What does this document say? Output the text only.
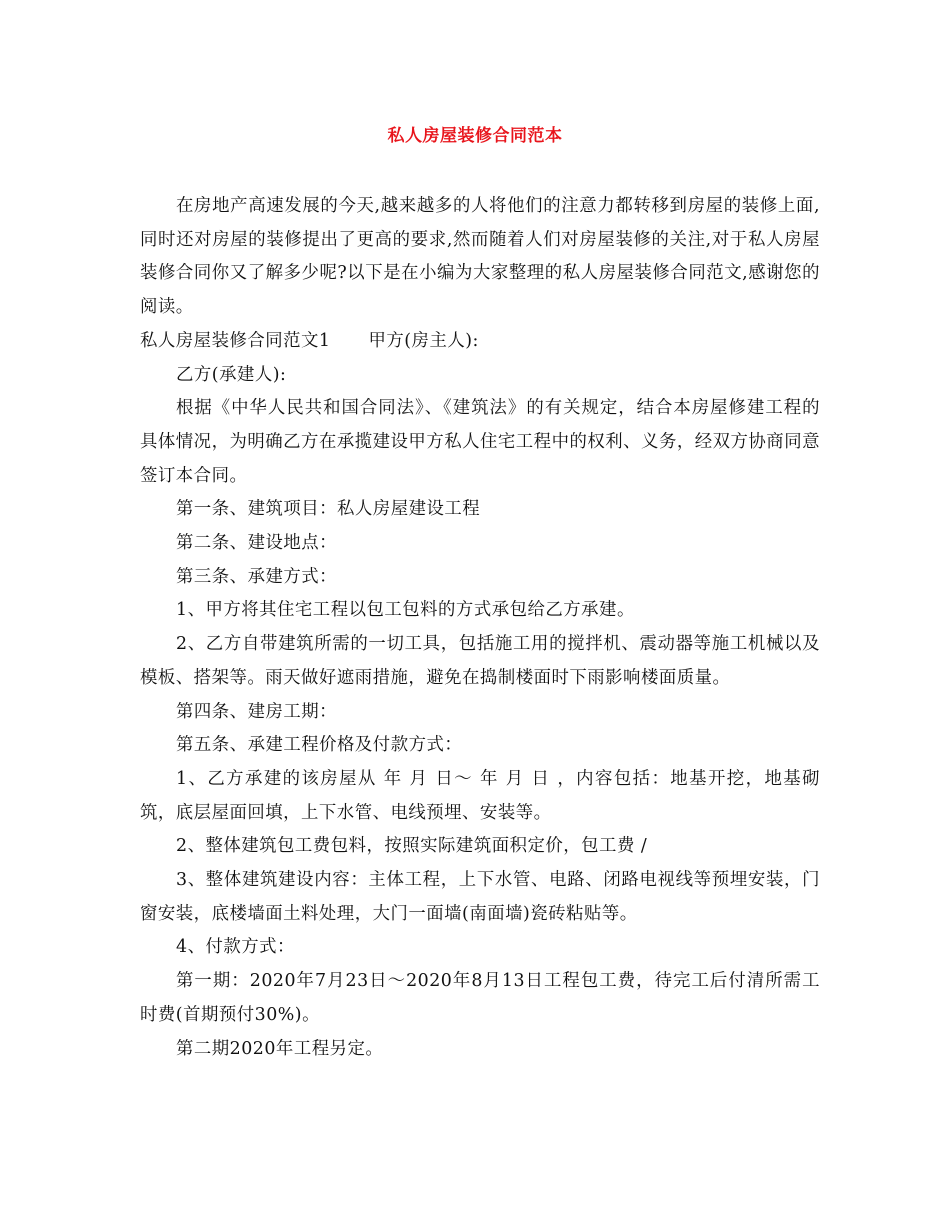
私人房屋装修合同范本

在房地产高速发展的今天,越来越多的人将他们的注意力都转移到房屋的装修上面,同时还对房屋的装修提出了更高的要求,然而随着人们对房屋装修的关注,对于私人房屋装修合同你又了解多少呢?以下是在小编为大家整理的私人房屋装修合同范文,感谢您的阅读。

私人房屋装修合同范文1 甲方(房主人):

乙方(承建人):

根据《中华人民共和国合同法》、《建筑法》的有关规定，结合本房屋修建工程的具体情况，为明确乙方在承揽建设甲方私人住宅工程中的权利、义务，经双方协商同意签订本合同。

第一条、建筑项目：私人房屋建设工程

第二条、建设地点：

第三条、承建方式：

1、甲方将其住宅工程以包工包料的方式承包给乙方承建。

2、乙方自带建筑所需的一切工具，包括施工用的搅拌机、震动器等施工机械以及模板、搭架等。雨天做好遮雨措施，避免在捣制楼面时下雨影响楼面质量。

第四条、建房工期：

第五条、承建工程价格及付款方式：

1、乙方承建的该房屋从 年 月 日～ 年 月 日 ，内容包括：地基开挖，地基砌筑，底层屋面回填，上下水管、电线预埋、安装等。

2、整体建筑包工费包料，按照实际建筑面积定价，包工费 /

3、整体建筑建设内容：主体工程，上下水管、电路、闭路电视线等预埋安装，门窗安装，底楼墙面土料处理，大门一面墙(南面墙)瓷砖粘贴等。

4、付款方式：

第一期：2020年7月23日～2020年8月13日工程包工费，待完工后付清所需工时费(首期预付30%)。

第二期2020年工程另定。
